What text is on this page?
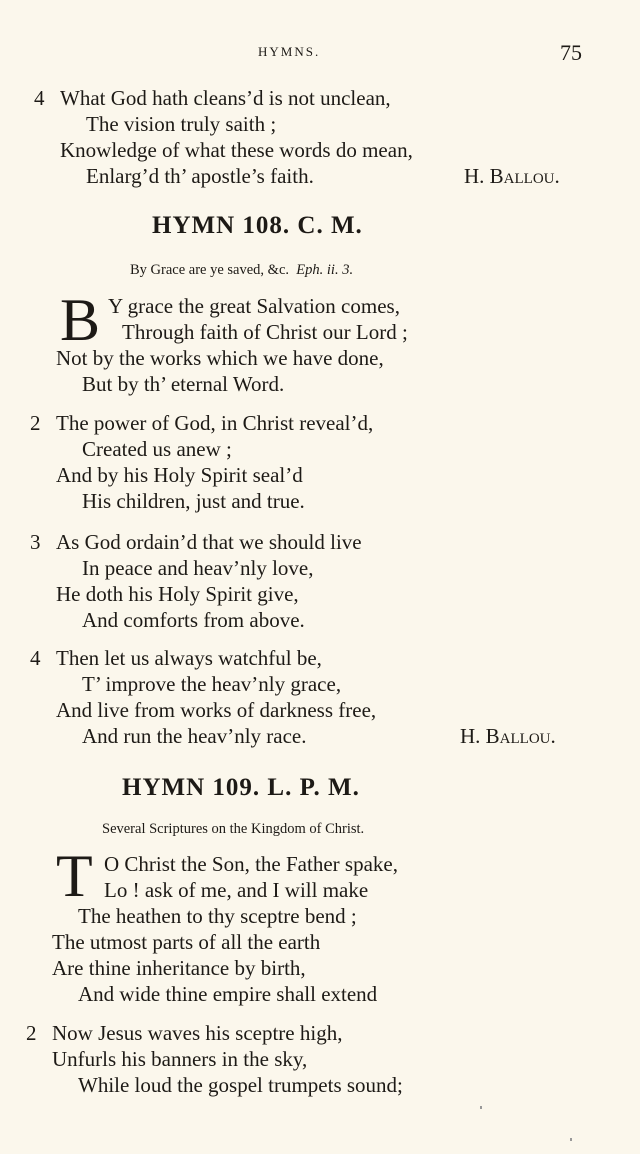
HYMNS.	75
4 What God hath cleans’d is not unclean,
The vision truly saith ;
Knowledge of what these words do mean,
Enlarg’d th’ apostle’s faith.	H. Ballou.
HYMN 108. C. M.
By Grace are ye saved, &c. Eph. ii. 3.
B Y grace the great Salvation comes,
Through faith of Christ our Lord ;
Not by the works which we have done,
But by th’ eternal Word.
2 The power of God, in Christ reveal’d,
Created us anew ;
And by his Holy Spirit seal’d
His children, just and true.
3 As God ordain’d that we should live
In peace and heav’nly love,
He doth his Holy Spirit give,
And comforts from above.
4 Then let us always watchful be,
T’ improve the heav’nly grace,
And live from works of darkness free,
And run the heav’nly race.	H. Ballou.
HYMN 109. L. P. M.
Several Scriptures on the Kingdom of Christ.
T O Christ the Son, the Father spake,
Lo ! ask of me, and I will make
The heathen to thy sceptre bend ;
The utmost parts of all the earth
Are thine inheritance by birth,
And wide thine empire shall extend
2 Now Jesus waves his sceptre high,
Unfurls his banners in the sky,
While loud the gospel trumpets sound;
